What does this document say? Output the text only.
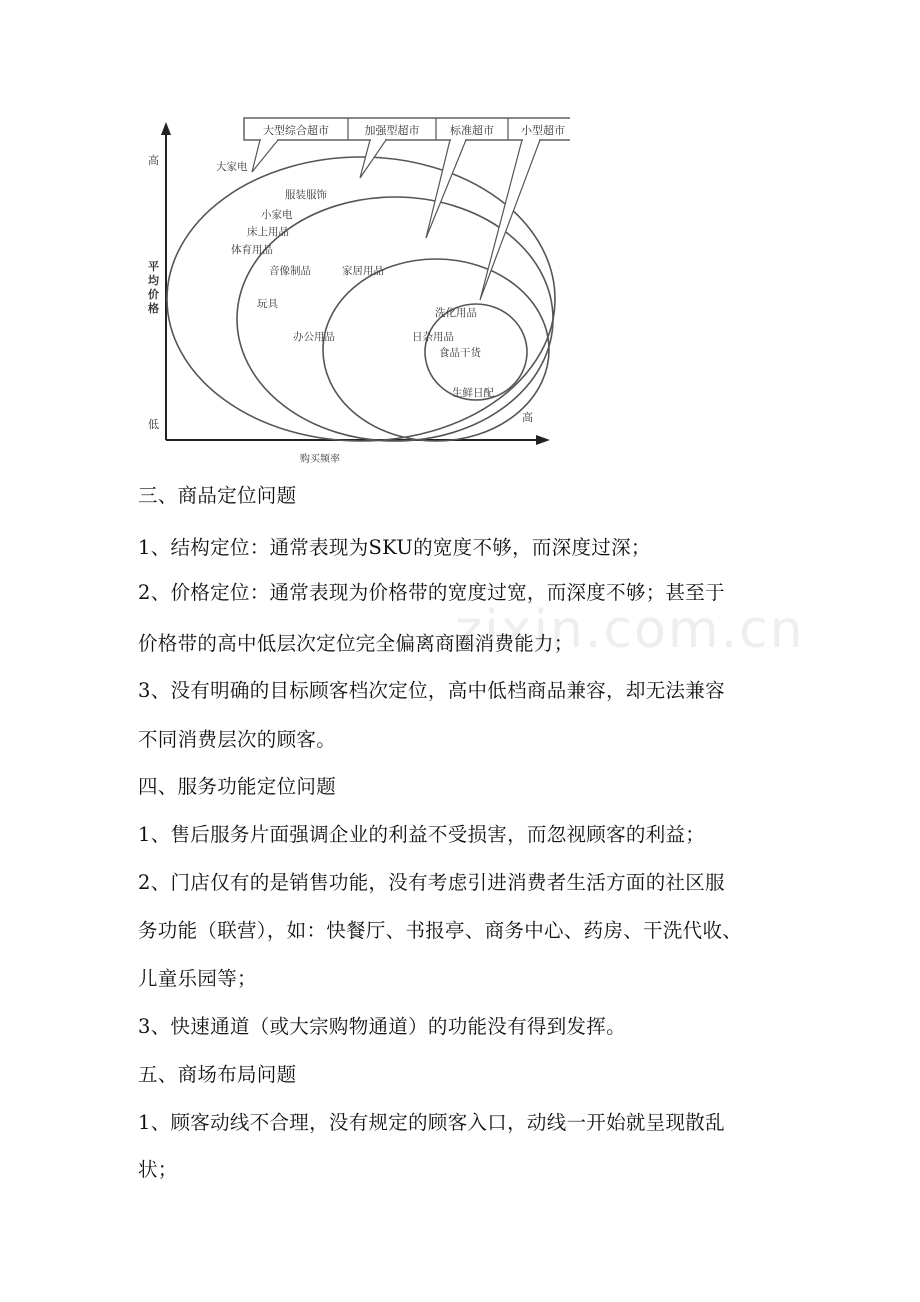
大型综合超市	加强型超市	标准超市 小型超市
高
低
平
均
价
格
购买频率
高
大家电
服装服饰
小家电
床上用品
体育用品
音像制品	家居用品
玩具
办公用品
洗化用品
日杂用品
食品干货
生鲜日配
zixin.com.cn
三、商品定位问题
1、结构定位：通常表现为SKU的宽度不够，而深度过深；
2、价格定位：通常表现为价格带的宽度过宽，而深度不够；甚至于
价格带的高中低层次定位完全偏离商圈消费能力；
3、没有明确的目标顾客档次定位，高中低档商品兼容，却无法兼容
不同消费层次的顾客。
四、服务功能定位问题
1、售后服务片面强调企业的利益不受损害，而忽视顾客的利益；
2、门店仅有的是销售功能，没有考虑引进消费者生活方面的社区服
务功能（联营），如：快餐厅、书报亭、商务中心、药房、干洗代收、
儿童乐园等；
3、快速通道（或大宗购物通道）的功能没有得到发挥。
五、商场布局问题
1、顾客动线不合理，没有规定的顾客入口，动线一开始就呈现散乱
状；
